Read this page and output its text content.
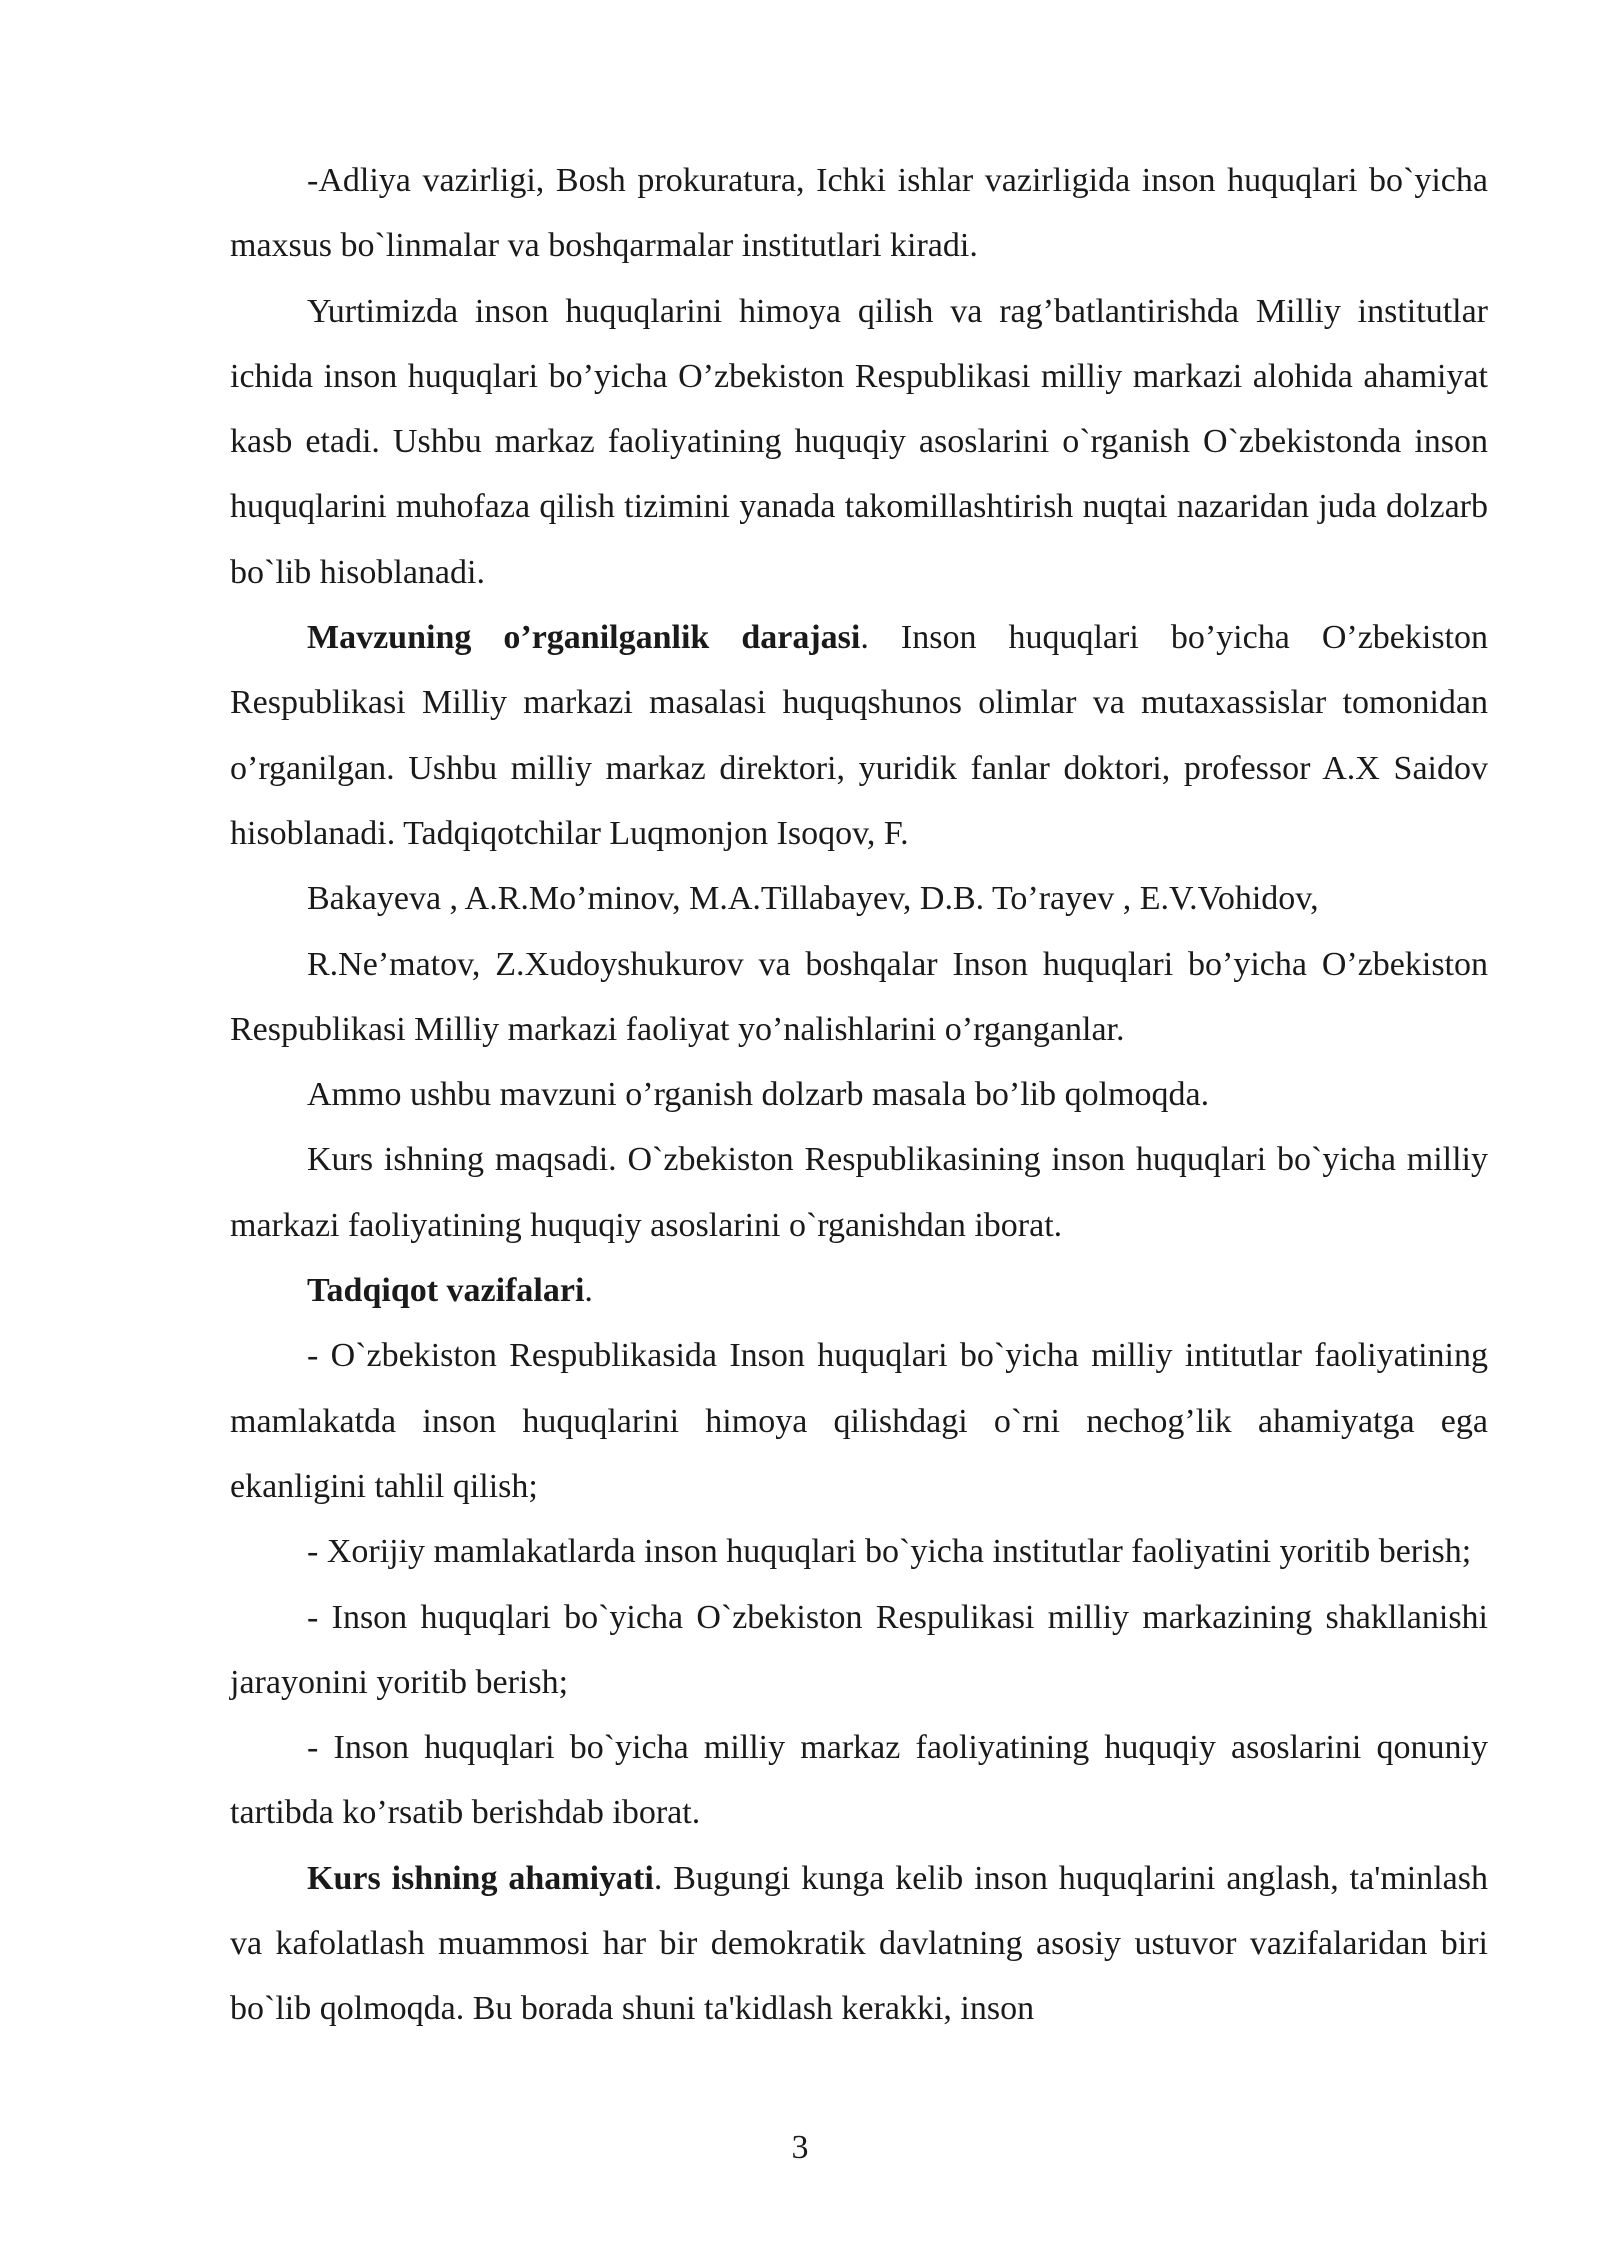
-Adliya vazirligi, Bosh prokuratura, Ichki ishlar vazirligida inson huquqlari bo`yicha maxsus bo`linmalar va boshqarmalar institutlari kiradi.

Yurtimizda inson huquqlarini himoya qilish va rag’batlantirishda Milliy institutlar ichida inson huquqlari bo’yicha O’zbekiston Respublikasi milliy markazi alohida ahamiyat kasb etadi. Ushbu markaz faoliyatining huquqiy asoslarini o`rganish O`zbekistonda inson huquqlarini muhofaza qilish tizimini yanada takomillashtirish nuqtai nazaridan juda dolzarb bo`lib hisoblanadi.

Mavzuning o’rganilganlik darajasi. Inson huquqlari bo’yicha O’zbekiston Respublikasi Milliy markazi masalasi huquqshunos olimlar va mutaxassislar tomonidan o’rganilgan. Ushbu milliy markaz direktori, yuridik fanlar doktori, professor A.X Saidov hisoblanadi. Tadqiqotchilar Luqmonjon Isoqov, F.

Bakayeva , A.R.Mo’minov, M.A.Tillabayev, D.B. To’rayev , E.V.Vohidov,

R.Ne’matov, Z.Xudoyshukurov va boshqalar Inson huquqlari bo’yicha O’zbekiston Respublikasi Milliy markazi faoliyat yo’nalishlarini o’rganganlar.

Ammo ushbu mavzuni o’rganish dolzarb masala bo’lib qolmoqda.

Kurs ishning maqsadi. O`zbekiston Respublikasining inson huquqlari bo`yicha milliy markazi faoliyatining huquqiy asoslarini o`rganishdan iborat.

Tadqiqot vazifalari.

- O`zbekiston Respublikasida Inson huquqlari bo`yicha milliy intitutlar faoliyatining mamlakatda inson huquqlarini himoya qilishdagi o`rni nechog’lik ahamiyatga ega ekanligini tahlil qilish;

- Xorijiy mamlakatlarda inson huquqlari bo`yicha institutlar faoliyatini yoritib berish;

- Inson huquqlari bo`yicha O`zbekiston Respulikasi milliy markazining shakllanishi jarayonini yoritib berish;

- Inson huquqlari bo`yicha milliy markaz faoliyatining huquqiy asoslarini qonuniy tartibda ko’rsatib berishdab iborat.

Kurs ishning ahamiyati. Bugungi kunga kelib inson huquqlarini anglash, ta'minlash va kafolatlash muammosi har bir demokratik davlatning asosiy ustuvor vazifalaridan biri bo`lib qolmoqda. Bu borada shuni ta'kidlash kerakki, inson

3
